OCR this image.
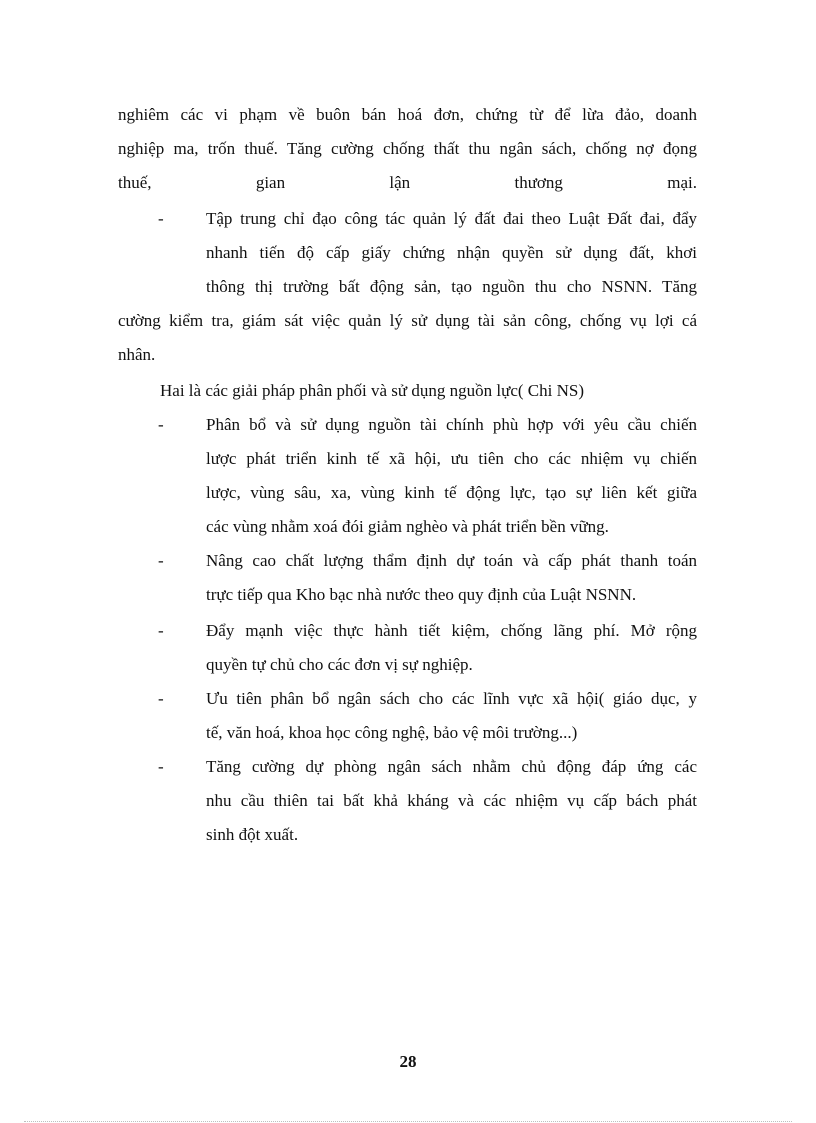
nghiêm các vi phạm về buôn bán hoá đơn, chứng từ để lừa đảo, doanh
nghiệp ma, trốn thuế. Tăng cường chống thất thu ngân sách, chống nợ đọng
thuế,	gian	lận	thương	mại.
- Tập trung chỉ đạo công tác quản lý đất đai theo Luật Đất đai, đẩy
nhanh tiến độ cấp giấy chứng nhận quyền sử dụng đất, khơi
thông thị trường bất động sản, tạo nguồn thu cho NSNN. Tăng
cường kiểm tra, giám sát việc quản lý sử dụng tài sản công, chống vụ lợi cá
nhân.
Hai là các giải pháp phân phối và sử dụng nguồn lực( Chi NS)
- Phân bổ và sử dụng nguồn tài chính phù hợp với yêu cầu chiến
lược phát triển kinh tế xã hội, ưu tiên cho các nhiệm vụ chiến
lược, vùng sâu, xa, vùng kinh tế động lực, tạo sự liên kết giữa
các vùng nhằm xoá đói giảm nghèo và phát triển bền vững.
- Nâng cao chất lượng thẩm định dự toán và cấp phát thanh toán
trực tiếp qua Kho bạc nhà nước theo quy định của Luật NSNN.
- Đẩy mạnh việc thực hành tiết kiệm, chống lãng phí. Mở rộng
quyền tự chủ cho các đơn vị sự nghiệp.
- Ưu tiên phân bổ ngân sách cho các lĩnh vực xã hội( giáo dục, y
tế, văn hoá, khoa học công nghệ, bảo vệ môi trường...)
- Tăng cường dự phòng ngân sách nhằm chủ động đáp ứng các
nhu cầu thiên tai bất khả kháng và các nhiệm vụ cấp bách phát
sinh đột xuất.
28
